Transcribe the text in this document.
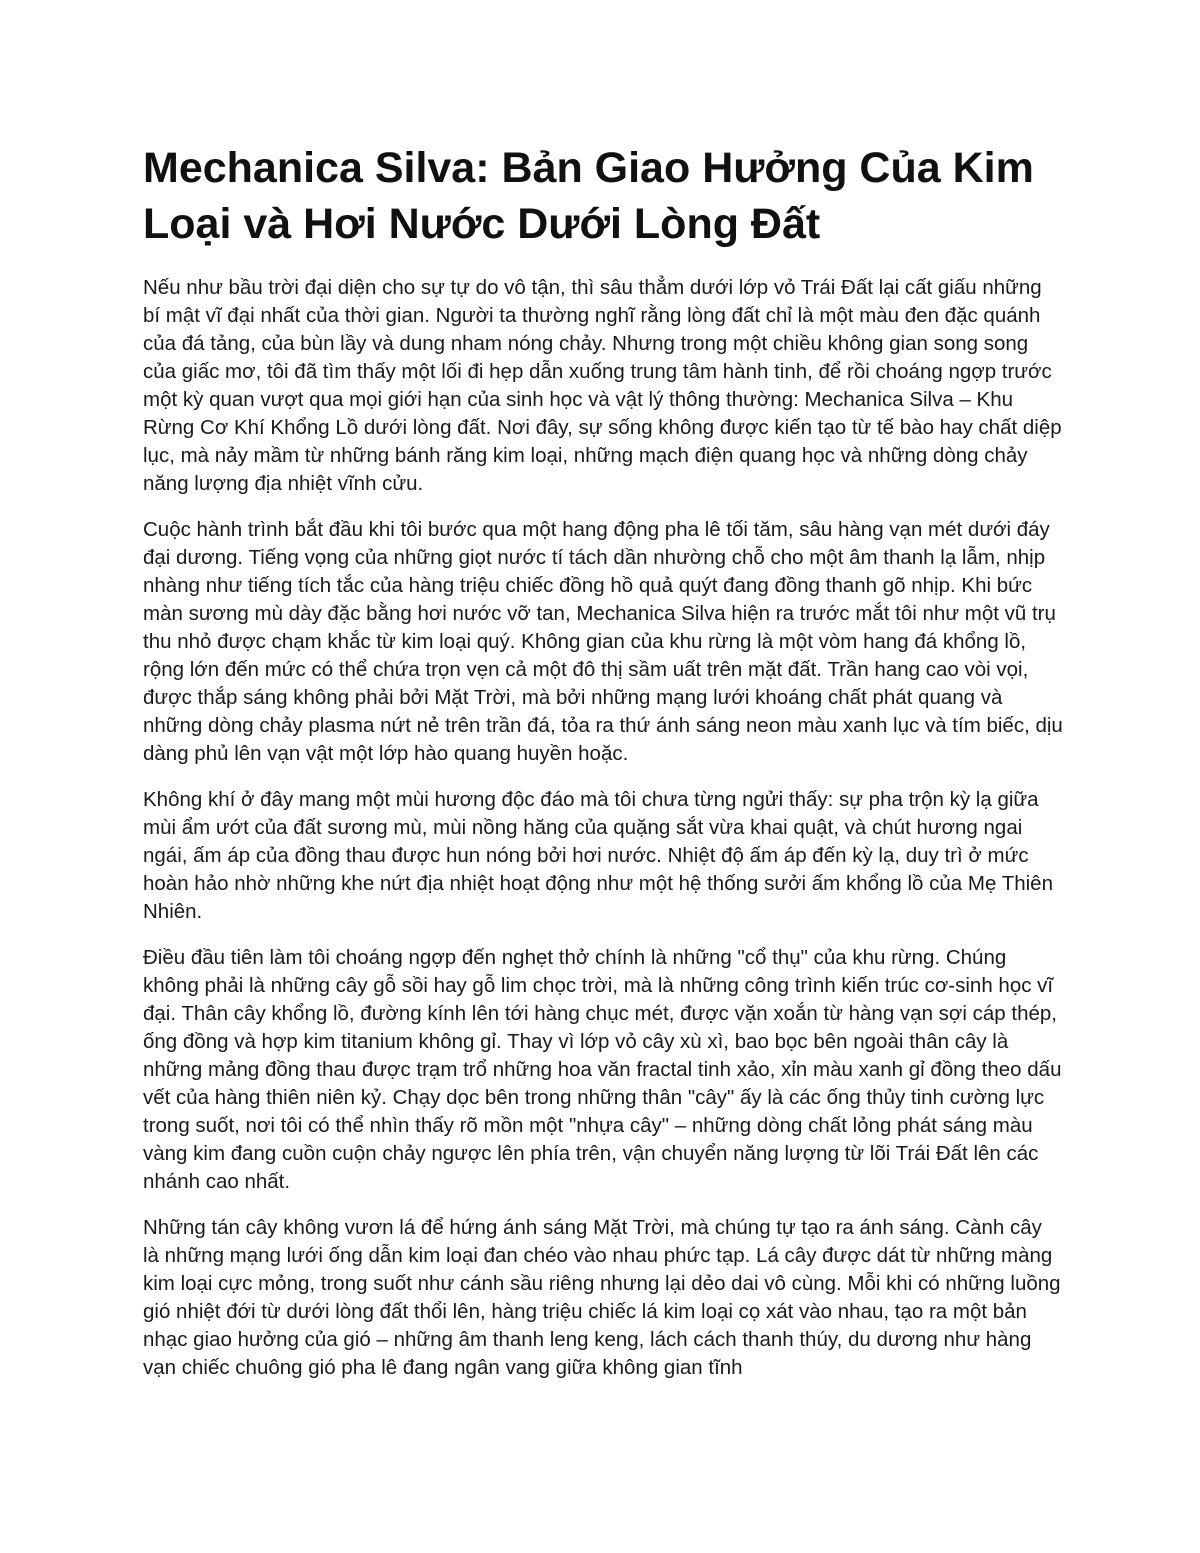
Mechanica Silva: Bản Giao Hưởng Của Kim Loại và Hơi Nước Dưới Lòng Đất

Nếu như bầu trời đại diện cho sự tự do vô tận, thì sâu thẳm dưới lớp vỏ Trái Đất lại cất giấu những bí mật vĩ đại nhất của thời gian. Người ta thường nghĩ rằng lòng đất chỉ là một màu đen đặc quánh của đá tảng, của bùn lầy và dung nham nóng chảy. Nhưng trong một chiều không gian song song của giấc mơ, tôi đã tìm thấy một lối đi hẹp dẫn xuống trung tâm hành tinh, để rồi choáng ngợp trước một kỳ quan vượt qua mọi giới hạn của sinh học và vật lý thông thường: Mechanica Silva – Khu Rừng Cơ Khí Khổng Lồ dưới lòng đất. Nơi đây, sự sống không được kiến tạo từ tế bào hay chất diệp lục, mà nảy mầm từ những bánh răng kim loại, những mạch điện quang học và những dòng chảy năng lượng địa nhiệt vĩnh cửu.

Cuộc hành trình bắt đầu khi tôi bước qua một hang động pha lê tối tăm, sâu hàng vạn mét dưới đáy đại dương. Tiếng vọng của những giọt nước tí tách dần nhường chỗ cho một âm thanh lạ lẫm, nhịp nhàng như tiếng tích tắc của hàng triệu chiếc đồng hồ quả quýt đang đồng thanh gõ nhịp. Khi bức màn sương mù dày đặc bằng hơi nước vỡ tan, Mechanica Silva hiện ra trước mắt tôi như một vũ trụ thu nhỏ được chạm khắc từ kim loại quý. Không gian của khu rừng là một vòm hang đá khổng lồ, rộng lớn đến mức có thể chứa trọn vẹn cả một đô thị sầm uất trên mặt đất. Trần hang cao vòi vọi, được thắp sáng không phải bởi Mặt Trời, mà bởi những mạng lưới khoáng chất phát quang và những dòng chảy plasma nứt nẻ trên trần đá, tỏa ra thứ ánh sáng neon màu xanh lục và tím biếc, dịu dàng phủ lên vạn vật một lớp hào quang huyền hoặc.

Không khí ở đây mang một mùi hương độc đáo mà tôi chưa từng ngửi thấy: sự pha trộn kỳ lạ giữa mùi ẩm ướt của đất sương mù, mùi nồng hăng của quặng sắt vừa khai quật, và chút hương ngai ngái, ấm áp của đồng thau được hun nóng bởi hơi nước. Nhiệt độ ấm áp đến kỳ lạ, duy trì ở mức hoàn hảo nhờ những khe nứt địa nhiệt hoạt động như một hệ thống sưởi ấm khổng lồ của Mẹ Thiên Nhiên.

Điều đầu tiên làm tôi choáng ngợp đến nghẹt thở chính là những "cổ thụ" của khu rừng. Chúng không phải là những cây gỗ sồi hay gỗ lim chọc trời, mà là những công trình kiến trúc cơ-sinh học vĩ đại. Thân cây khổng lồ, đường kính lên tới hàng chục mét, được vặn xoắn từ hàng vạn sợi cáp thép, ống đồng và hợp kim titanium không gỉ. Thay vì lớp vỏ cây xù xì, bao bọc bên ngoài thân cây là những mảng đồng thau được trạm trổ những hoa văn fractal tinh xảo, xỉn màu xanh gỉ đồng theo dấu vết của hàng thiên niên kỷ. Chạy dọc bên trong những thân "cây" ấy là các ống thủy tinh cường lực trong suốt, nơi tôi có thể nhìn thấy rõ mồn một "nhựa cây" – những dòng chất lỏng phát sáng màu vàng kim đang cuồn cuộn chảy ngược lên phía trên, vận chuyển năng lượng từ lõi Trái Đất lên các nhánh cao nhất.

Những tán cây không vươn lá để hứng ánh sáng Mặt Trời, mà chúng tự tạo ra ánh sáng. Cành cây là những mạng lưới ống dẫn kim loại đan chéo vào nhau phức tạp. Lá cây được dát từ những màng kim loại cực mỏng, trong suốt như cánh sầu riêng nhưng lại dẻo dai vô cùng. Mỗi khi có những luồng gió nhiệt đới từ dưới lòng đất thổi lên, hàng triệu chiếc lá kim loại cọ xát vào nhau, tạo ra một bản nhạc giao hưởng của gió – những âm thanh leng keng, lách cách thanh thúy, du dương như hàng vạn chiếc chuông gió pha lê đang ngân vang giữa không gian tĩnh
